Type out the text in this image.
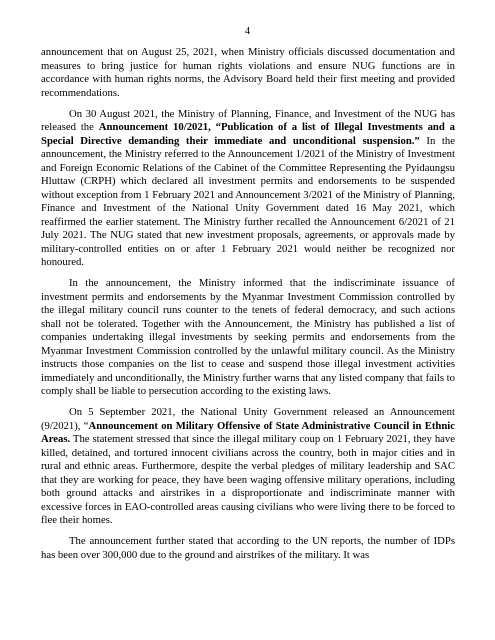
4

announcement that on August 25, 2021, when Ministry officials discussed documentation and measures to bring justice for human rights violations and ensure NUG functions are in accordance with human rights norms, the Advisory Board held their first meeting and provided recommendations.

On 30 August 2021, the Ministry of Planning, Finance, and Investment of the NUG has released the Announcement 10/2021, “Publication of a list of Illegal Investments and a Special Directive demanding their immediate and unconditional suspension.” In the announcement, the Ministry referred to the Announcement 1/2021 of the Ministry of Investment and Foreign Economic Relations of the Cabinet of the Committee Representing the Pyidaungsu Hluttaw (CRPH) which declared all investment permits and endorsements to be suspended without exception from 1 February 2021 and Announcement 3/2021 of the Ministry of Planning, Finance and Investment of the National Unity Government dated 16 May 2021, which reaffirmed the earlier statement. The Ministry further recalled the Announcement 6/2021 of 21 July 2021. The NUG stated that new investment proposals, agreements, or approvals made by military-controlled entities on or after 1 February 2021 would neither be recognized nor honoured.

In the announcement, the Ministry informed that the indiscriminate issuance of investment permits and endorsements by the Myanmar Investment Commission controlled by the illegal military council runs counter to the tenets of federal democracy, and such actions shall not be tolerated. Together with the Announcement, the Ministry has published a list of companies undertaking illegal investments by seeking permits and endorsements from the Myanmar Investment Commission controlled by the unlawful military council. As the Ministry instructs those companies on the list to cease and suspend those illegal investment activities immediately and unconditionally, the Ministry further warns that any listed company that fails to comply shall be liable to persecution according to the existing laws.

On 5 September 2021, the National Unity Government released an Announcement (9/2021), “Announcement on Military Offensive of State Administrative Council in Ethnic Areas. The statement stressed that since the illegal military coup on 1 February 2021, they have killed, detained, and tortured innocent civilians across the country, both in major cities and in rural and ethnic areas. Furthermore, despite the verbal pledges of military leadership and SAC that they are working for peace, they have been waging offensive military operations, including both ground attacks and airstrikes in a disproportionate and indiscriminate manner with excessive forces in EAO-controlled areas causing civilians who were living there to be forced to flee their homes.

The announcement further stated that according to the UN reports, the number of IDPs has been over 300,000 due to the ground and airstrikes of the military. It was
